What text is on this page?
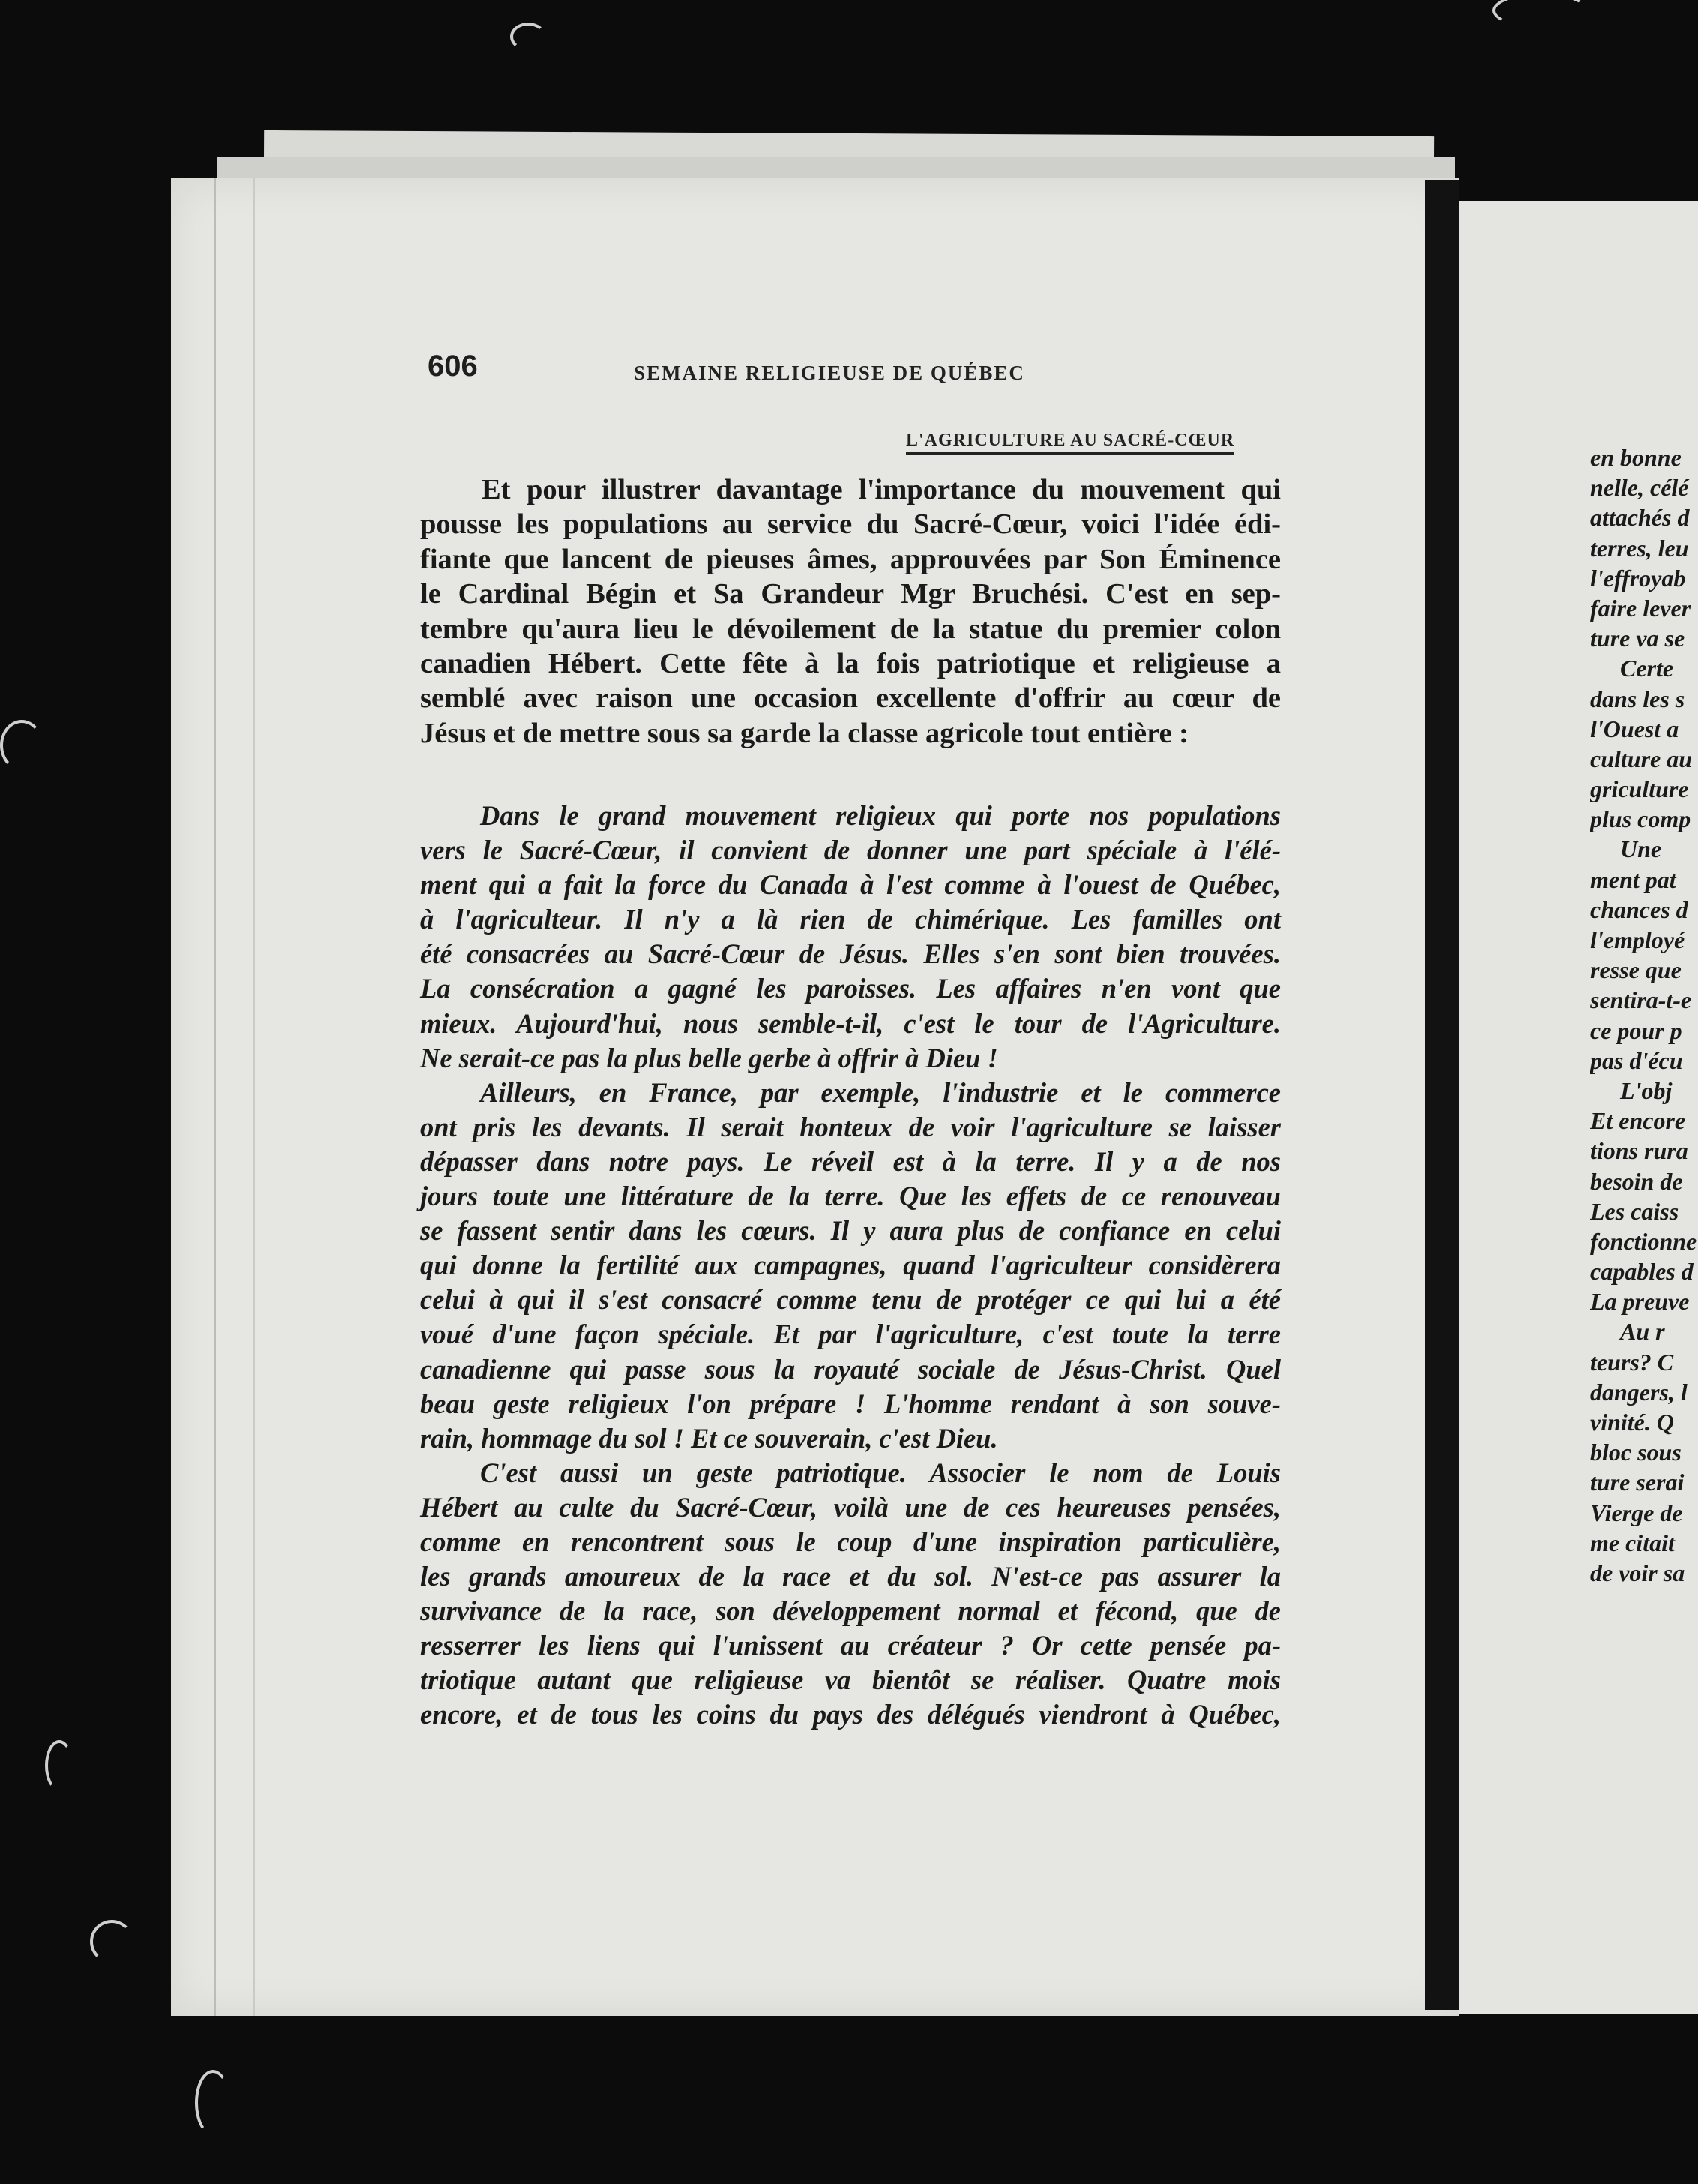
606	SEMAINE RELIGIEUSE DE QUÉBEC
L'AGRICULTURE AU SACRÉ-CŒUR
Et pour illustrer davantage l'importance du mouvement qui
pousse les populations au service du Sacré-Cœur, voici l'idée édi-
fiante que lancent de pieuses âmes, approuvées par Son Éminence
le Cardinal Bégin et Sa Grandeur Mgr Bruchési. C'est en sep-
tembre qu'aura lieu le dévoilement de la statue du premier colon
canadien Hébert. Cette fête à la fois patriotique et religieuse a
semblé avec raison une occasion excellente d'offrir au cœur de
Jésus et de mettre sous sa garde la classe agricole tout entière :
Dans le grand mouvement religieux qui porte nos populations
vers le Sacré-Cœur, il convient de donner une part spéciale à l'élé-
ment qui a fait la force du Canada à l'est comme à l'ouest de Québec,
à l'agriculteur. Il n'y a là rien de chimérique. Les familles ont
été consacrées au Sacré-Cœur de Jésus. Elles s'en sont bien trouvées.
La consécration a gagné les paroisses. Les affaires n'en vont que
mieux. Aujourd'hui, nous semble-t-il, c'est le tour de l'Agriculture.
Ne serait-ce pas la plus belle gerbe à offrir à Dieu !
Ailleurs, en France, par exemple, l'industrie et le commerce
ont pris les devants. Il serait honteux de voir l'agriculture se laisser
dépasser dans notre pays. Le réveil est à la terre. Il y a de nos
jours toute une littérature de la terre. Que les effets de ce renouveau
se fassent sentir dans les cœurs. Il y aura plus de confiance en celui
qui donne la fertilité aux campagnes, quand l'agriculteur considèrera
celui à qui il s'est consacré comme tenu de protéger ce qui lui a été
voué d'une façon spéciale. Et par l'agriculture, c'est toute la terre
canadienne qui passe sous la royauté sociale de Jésus-Christ. Quel
beau geste religieux l'on prépare ! L'homme rendant à son souve-
rain, hommage du sol ! Et ce souverain, c'est Dieu.
C'est aussi un geste patriotique. Associer le nom de Louis
Hébert au culte du Sacré-Cœur, voilà une de ces heureuses pensées,
comme en rencontrent sous le coup d'une inspiration particulière,
les grands amoureux de la race et du sol. N'est-ce pas assurer la
survivance de la race, son développement normal et fécond, que de
resserrer les liens qui l'unissent au créateur ? Or cette pensée pa-
triotique autant que religieuse va bientôt se réaliser. Quatre mois
encore, et de tous les coins du pays des délégués viendront à Québec,
en bonne
nelle, célé
attachés d
terres, leu
l'effroyab
faire lever
ture va se
Certe
dans les s
l'Ouest a
culture au
griculture
plus comp
Une
ment pat
chances d
l'employé
resse que
sentira-t-e
ce pour p
pas d'écu
L'obj
Et encore
tions rura
besoin de
Les caiss
fonctionne
capables d
La preuve
Au r
teurs? C
dangers, l
vinité. Q
bloc sous
ture serai
Vierge de
me citait
de voir sa
